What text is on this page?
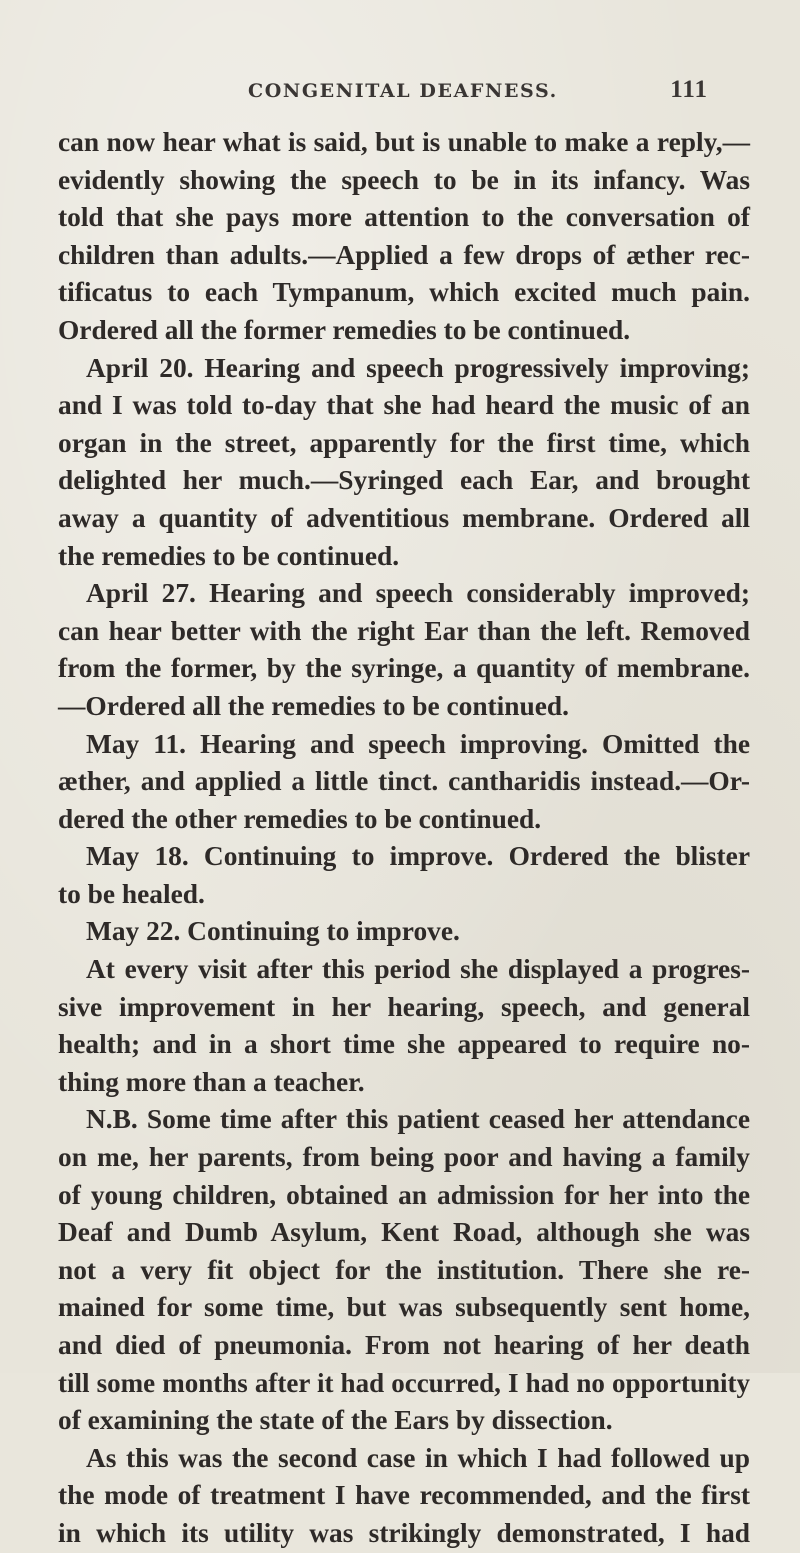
CONGENITAL DEAFNESS.	111
can now hear what is said, but is unable to make a reply,—
evidently showing the speech to be in its infancy. Was
told that she pays more attention to the conversation of
children than adults.—Applied a few drops of æther rec-
tificatus to each Tympanum, which excited much pain.
Ordered all the former remedies to be continued.
April 20. Hearing and speech progressively improving;
and I was told to-day that she had heard the music of an
organ in the street, apparently for the first time, which
delighted her much.—Syringed each Ear, and brought
away a quantity of adventitious membrane. Ordered all
the remedies to be continued.
April 27. Hearing and speech considerably improved;
can hear better with the right Ear than the left. Removed
from the former, by the syringe, a quantity of membrane.
—Ordered all the remedies to be continued.
May 11. Hearing and speech improving. Omitted the
æther, and applied a little tinct. cantharidis instead.—Or-
dered the other remedies to be continued.
May 18. Continuing to improve. Ordered the blister
to be healed.
May 22. Continuing to improve.
At every visit after this period she displayed a progres-
sive improvement in her hearing, speech, and general
health; and in a short time she appeared to require no-
thing more than a teacher.
N.B. Some time after this patient ceased her attendance
on me, her parents, from being poor and having a family
of young children, obtained an admission for her into the
Deaf and Dumb Asylum, Kent Road, although she was
not a very fit object for the institution. There she re-
mained for some time, but was subsequently sent home,
and died of pneumonia. From not hearing of her death
till some months after it had occurred, I had no opportunity
of examining the state of the Ears by dissection.
As this was the second case in which I had followed up
the mode of treatment I have recommended, and the first
in which its utility was strikingly demonstrated, I had
